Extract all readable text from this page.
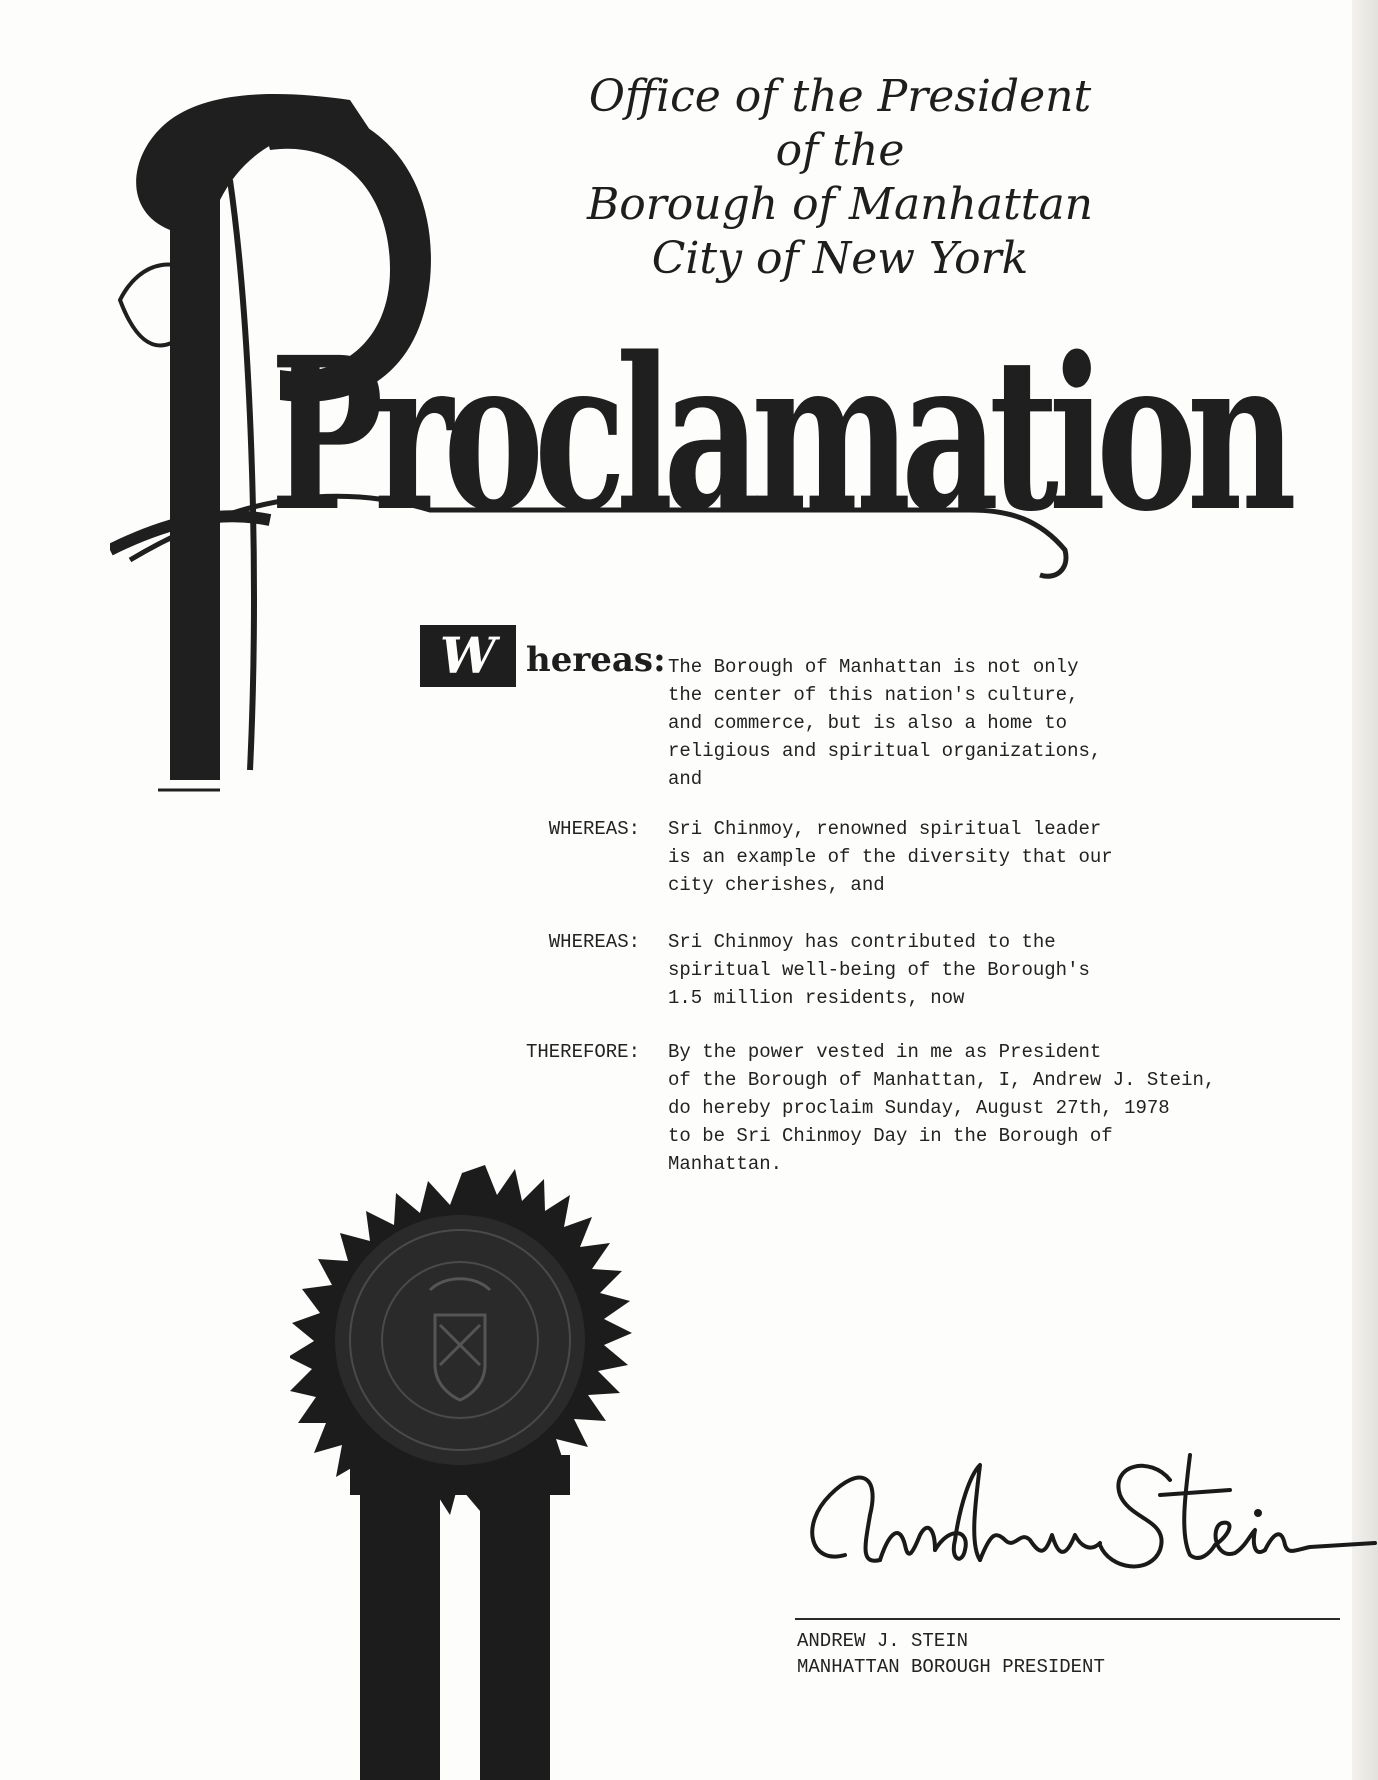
Office of the President
of the
Borough of Manhattan
City of New York
Proclamation
W hereas: The Borough of Manhattan is not only
the center of this nation's culture,
and commerce, but is also a home to
religious and spiritual organizations,
and
WHEREAS: Sri Chinmoy, renowned spiritual leader
is an example of the diversity that our
city cherishes, and
WHEREAS: Sri Chinmoy has contributed to the
spiritual well-being of the Borough's
1.5 million residents, now
THEREFORE: By the power vested in me as President
of the Borough of Manhattan, I, Andrew J. Stein,
do hereby proclaim Sunday, August 27th, 1978
to be Sri Chinmoy Day in the Borough of
Manhattan.
ANDREW J. STEIN
MANHATTAN BOROUGH PRESIDENT
